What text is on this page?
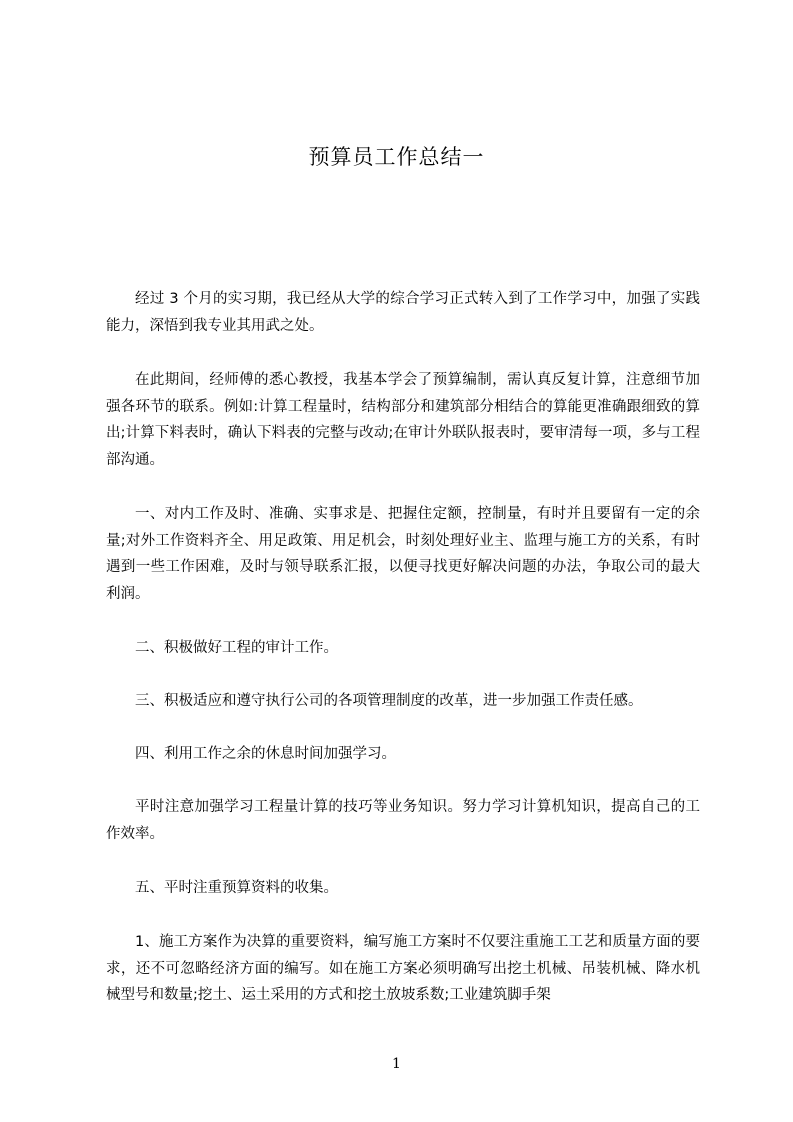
预算员工作总结一

经过 3 个月的实习期，我已经从大学的综合学习正式转入到了工作学习中，加强了实践能力，深悟到我专业其用武之处。

在此期间，经师傅的悉心教授，我基本学会了预算编制，需认真反复计算，注意细节加强各环节的联系。例如:计算工程量时，结构部分和建筑部分相结合的算能更准确跟细致的算出;计算下料表时，确认下料表的完整与改动;在审计外联队报表时，要审清每一项，多与工程部沟通。

一、对内工作及时、准确、实事求是、把握住定额，控制量，有时并且要留有一定的余量;对外工作资料齐全、用足政策、用足机会，时刻处理好业主、监理与施工方的关系，有时遇到一些工作困难，及时与领导联系汇报，以便寻找更好解决问题的办法，争取公司的最大利润。

二、积极做好工程的审计工作。

三、积极适应和遵守执行公司的各项管理制度的改革，进一步加强工作责任感。

四、利用工作之余的休息时间加强学习。

平时注意加强学习工程量计算的技巧等业务知识。努力学习计算机知识，提高自己的工作效率。

五、平时注重预算资料的收集。

1、施工方案作为决算的重要资料，编写施工方案时不仅要注重施工工艺和质量方面的要求，还不可忽略经济方面的编写。如在施工方案必须明确写出挖土机械、吊装机械、降水机械型号和数量;挖土、运土采用的方式和挖土放坡系数;工业建筑脚手架

1
